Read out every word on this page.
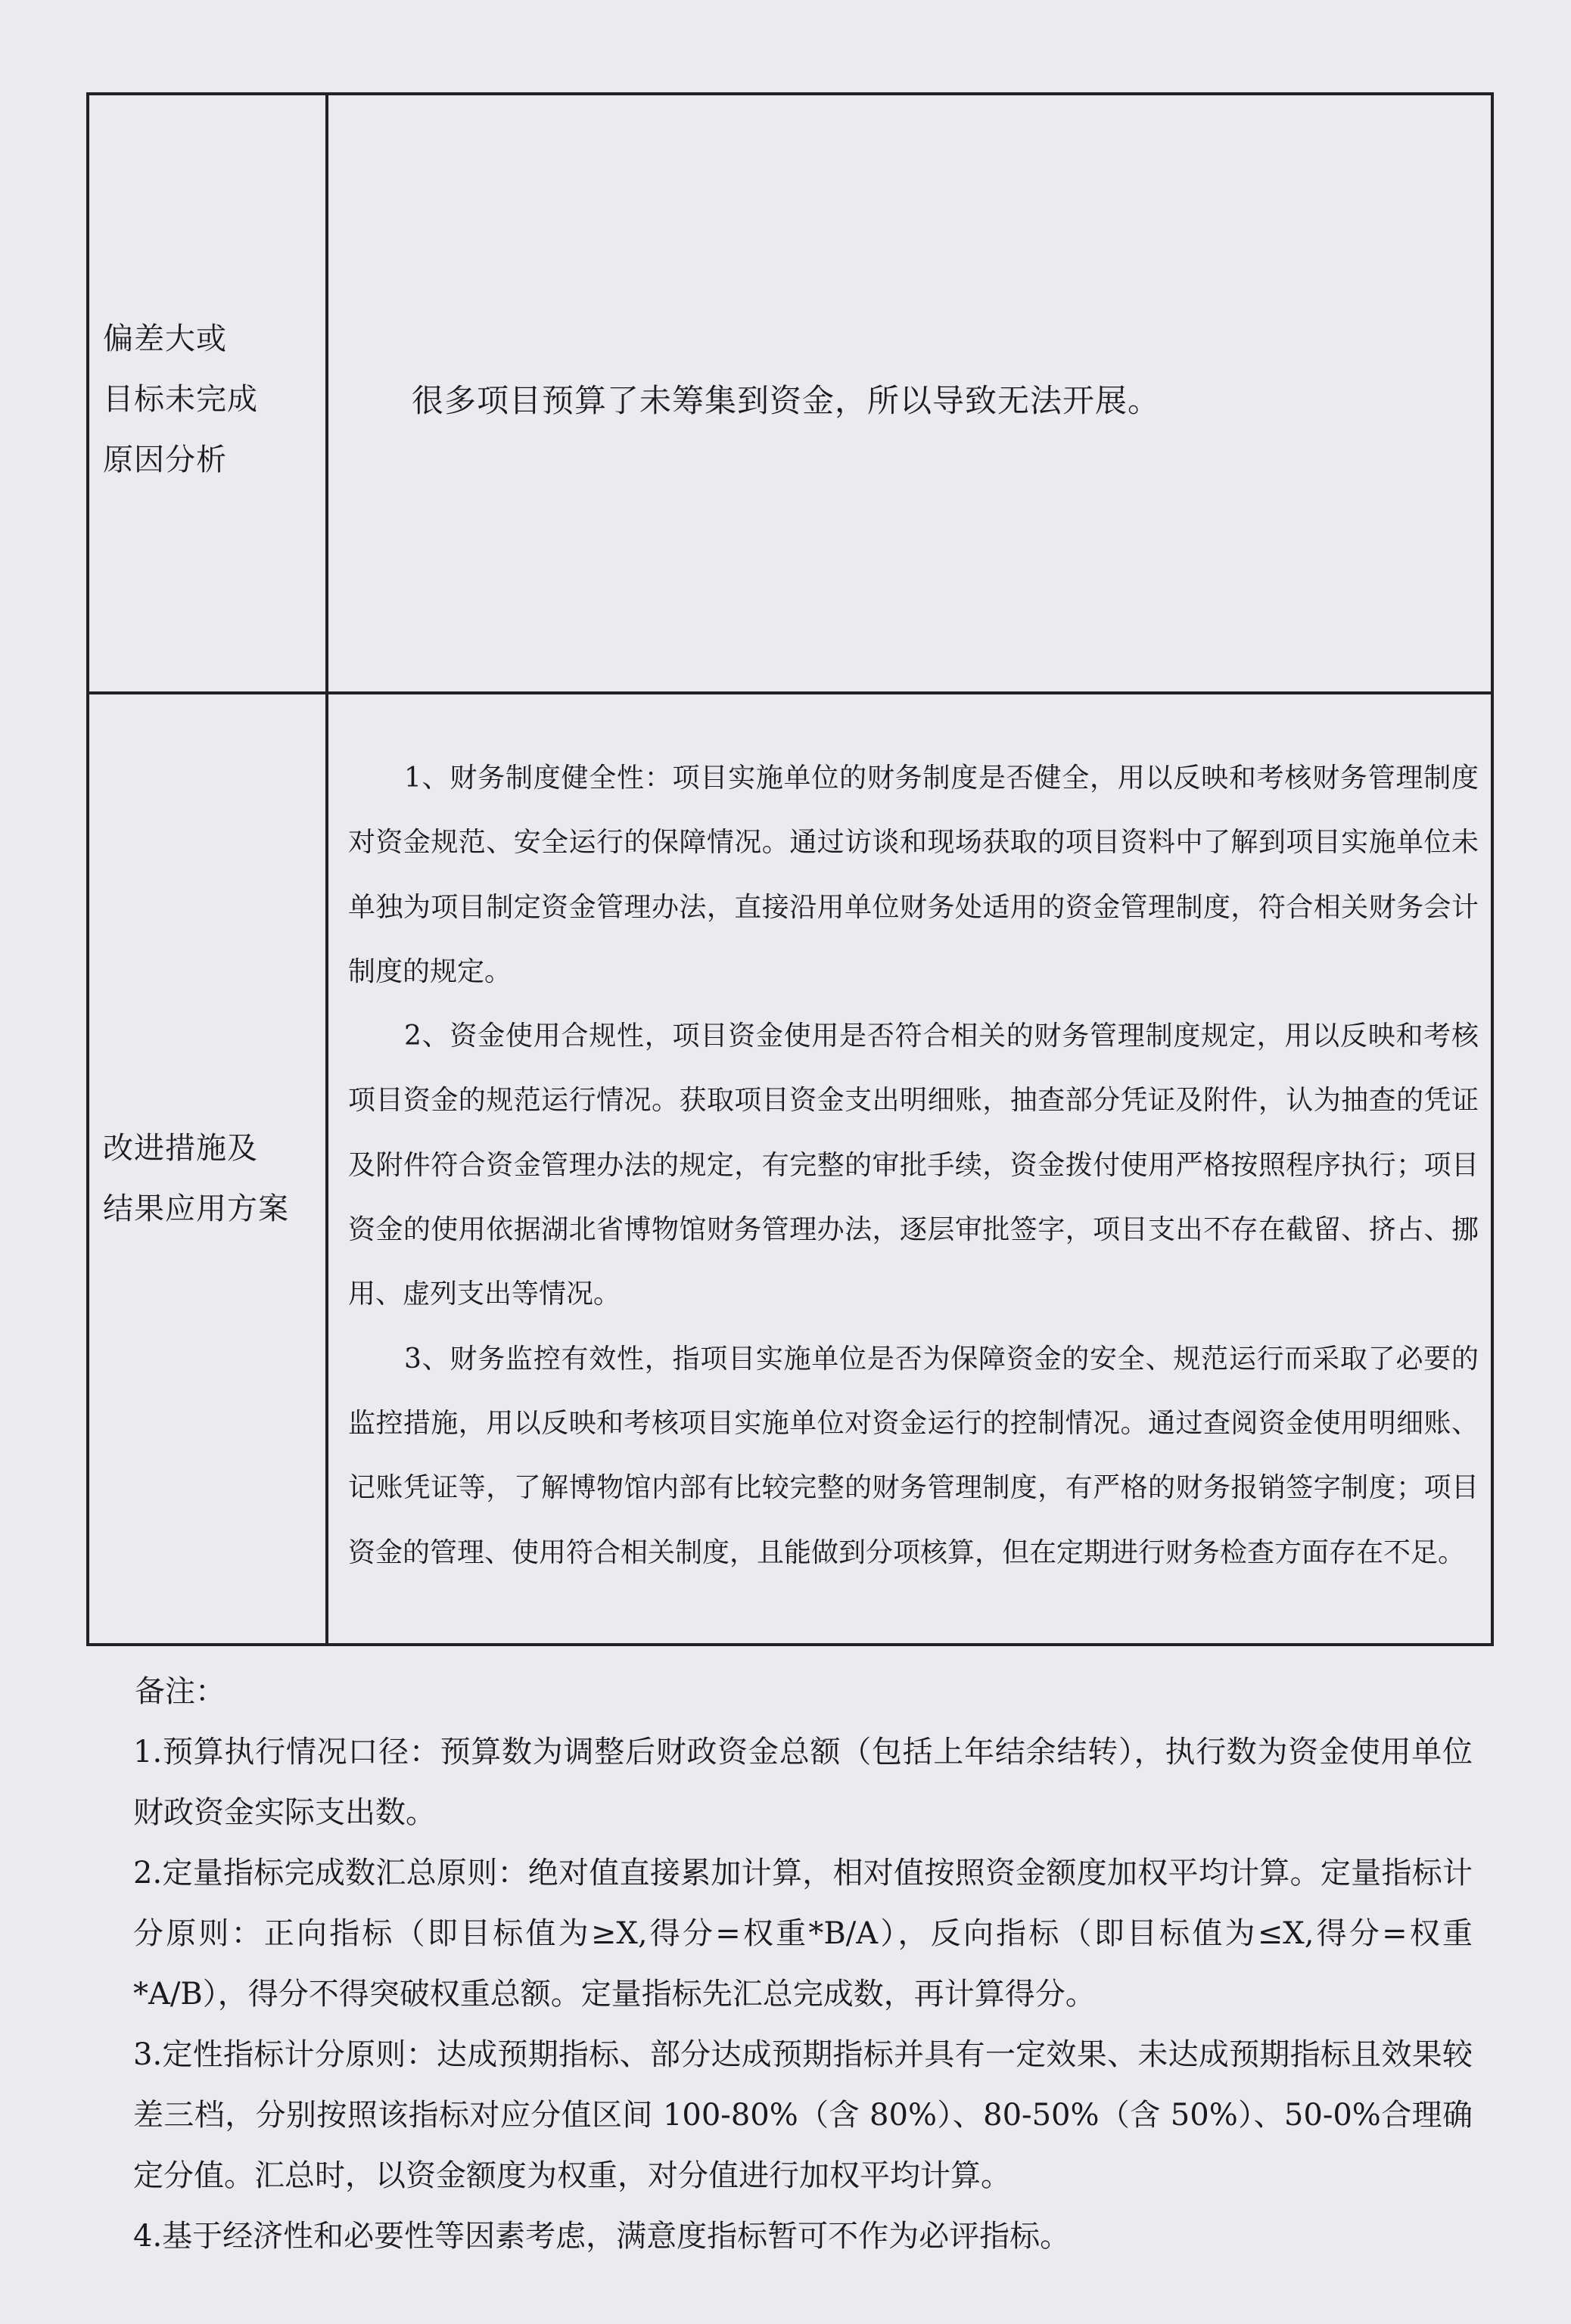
偏差大或
目标未完成
原因分析
很多项目预算了未筹集到资金，所以导致无法开展。
改进措施及
结果应用方案

1、财务制度健全性：项目实施单位的财务制度是否健全，用以反映和考核财务管理制度对资金规范、安全运行的保障情况。通过访谈和现场获取的项目资料中了解到项目实施单位未单独为项目制定资金管理办法，直接沿用单位财务处适用的资金管理制度，符合相关财务会计制度的规定。

2、资金使用合规性，项目资金使用是否符合相关的财务管理制度规定，用以反映和考核项目资金的规范运行情况。获取项目资金支出明细账，抽查部分凭证及附件，认为抽查的凭证及附件符合资金管理办法的规定，有完整的审批手续，资金拨付使用严格按照程序执行；项目资金的使用依据湖北省博物馆财务管理办法，逐层审批签字，项目支出不存在截留、挤占、挪用、虚列支出等情况。

3、财务监控有效性，指项目实施单位是否为保障资金的安全、规范运行而采取了必要的监控措施，用以反映和考核项目实施单位对资金运行的控制情况。通过查阅资金使用明细账、记账凭证等，了解博物馆内部有比较完整的财务管理制度，有严格的财务报销签字制度；项目资金的管理、使用符合相关制度，且能做到分项核算，但在定期进行财务检查方面存在不足。

备注：

1.预算执行情况口径：预算数为调整后财政资金总额（包括上年结余结转），执行数为资金使用单位财政资金实际支出数。

2.定量指标完成数汇总原则：绝对值直接累加计算，相对值按照资金额度加权平均计算。定量指标计分原则：正向指标（即目标值为≥X,得分=权重*B/A），反向指标（即目标值为≤X,得分=权重*A/B），得分不得突破权重总额。定量指标先汇总完成数，再计算得分。

3.定性指标计分原则：达成预期指标、部分达成预期指标并具有一定效果、未达成预期指标且效果较差三档，分别按照该指标对应分值区间 100-80%（含 80%）、80-50%（含 50%）、50-0%合理确定分值。汇总时，以资金额度为权重，对分值进行加权平均计算。

4.基于经济性和必要性等因素考虑，满意度指标暂可不作为必评指标。
